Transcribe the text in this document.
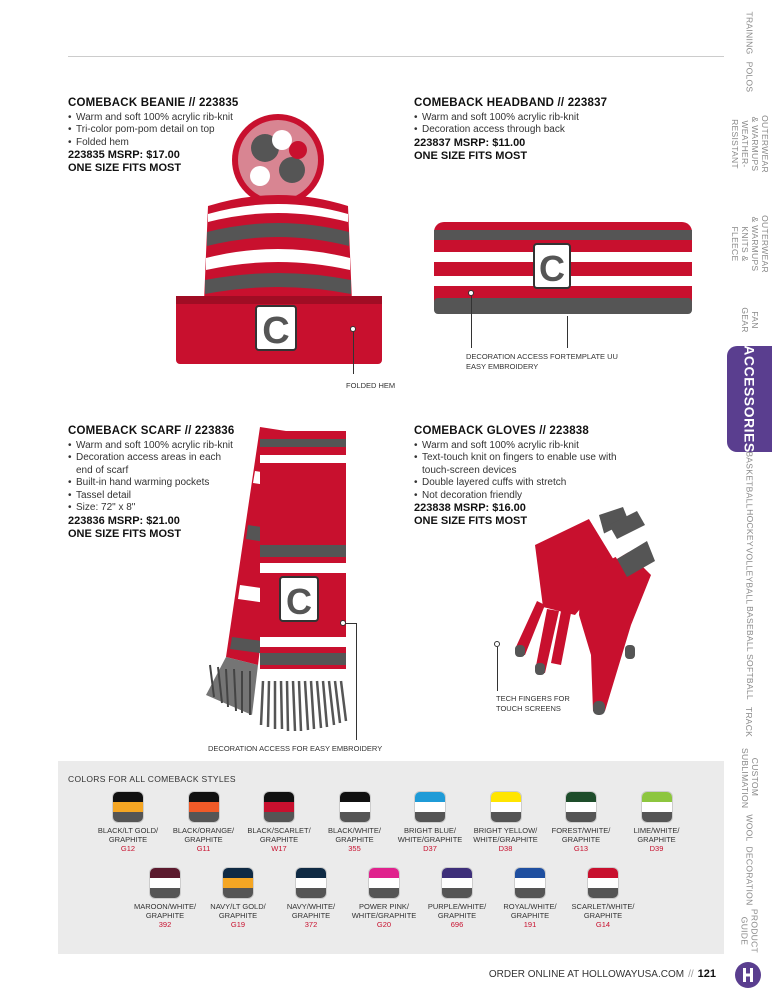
TRAINING
POLOS
OUTERWEAR & WARMUPS WEATHER-RESISTANT
OUTERWEAR & WARMUPS KNITS & FLEECE
FAN GEAR
ACCESSORIES
BASKETBALL
HOCKEY
VOLLEYBALL
BASEBALL
SOFTBALL
TRACK
CUSTOM SUBLIMATION
WOOL
DECORATION
PRODUCT GUIDE
COMEBACK BEANIE // 223835
• Warm and soft 100% acrylic rib-knit
• Tri-color pom-pom detail on top
• Folded hem
223835 MSRP: $17.00
ONE SIZE FITS MOST
C
FOLDED HEM
COMEBACK HEADBAND // 223837
• Warm and soft 100% acrylic rib-knit
• Decoration access through back
223837 MSRP: $11.00
ONE SIZE FITS MOST
C
DECORATION ACCESS FOR EASY EMBROIDERY
TEMPLATE UU
COMEBACK SCARF // 223836
• Warm and soft 100% acrylic rib-knit
• Decoration access areas in each end of scarf
• Built-in hand warming pockets
• Tassel detail
• Size: 72" x 8"
223836 MSRP: $21.00
ONE SIZE FITS MOST
C
DECORATION ACCESS FOR EASY EMBROIDERY
COMEBACK GLOVES // 223838
• Warm and soft 100% acrylic rib-knit
• Text-touch knit on fingers to enable use with touch-screen devices
• Double layered cuffs with stretch
• Not decoration friendly
223838 MSRP: $16.00
ONE SIZE FITS MOST
TECH FINGERS FOR TOUCH SCREENS
COLORS FOR ALL COMEBACK STYLES
BLACK/LT GOLD/ GRAPHITE
G12
BLACK/ORANGE/ GRAPHITE
G11
BLACK/SCARLET/ GRAPHITE
W17
BLACK/WHITE/ GRAPHITE
355
BRIGHT BLUE/ WHITE/GRAPHITE
D37
BRIGHT YELLOW/ WHITE/GRAPHITE
D38
FOREST/WHITE/ GRAPHITE
G13
LIME/WHITE/ GRAPHITE
D39
MAROON/WHITE/ GRAPHITE
392
NAVY/LT GOLD/ GRAPHITE
G19
NAVY/WHITE/ GRAPHITE
372
POWER PINK/ WHITE/GRAPHITE
G20
PURPLE/WHITE/ GRAPHITE
696
ROYAL/WHITE/ GRAPHITE
191
SCARLET/WHITE/ GRAPHITE
G14
ORDER ONLINE AT HOLLOWAYUSA.COM // 121
